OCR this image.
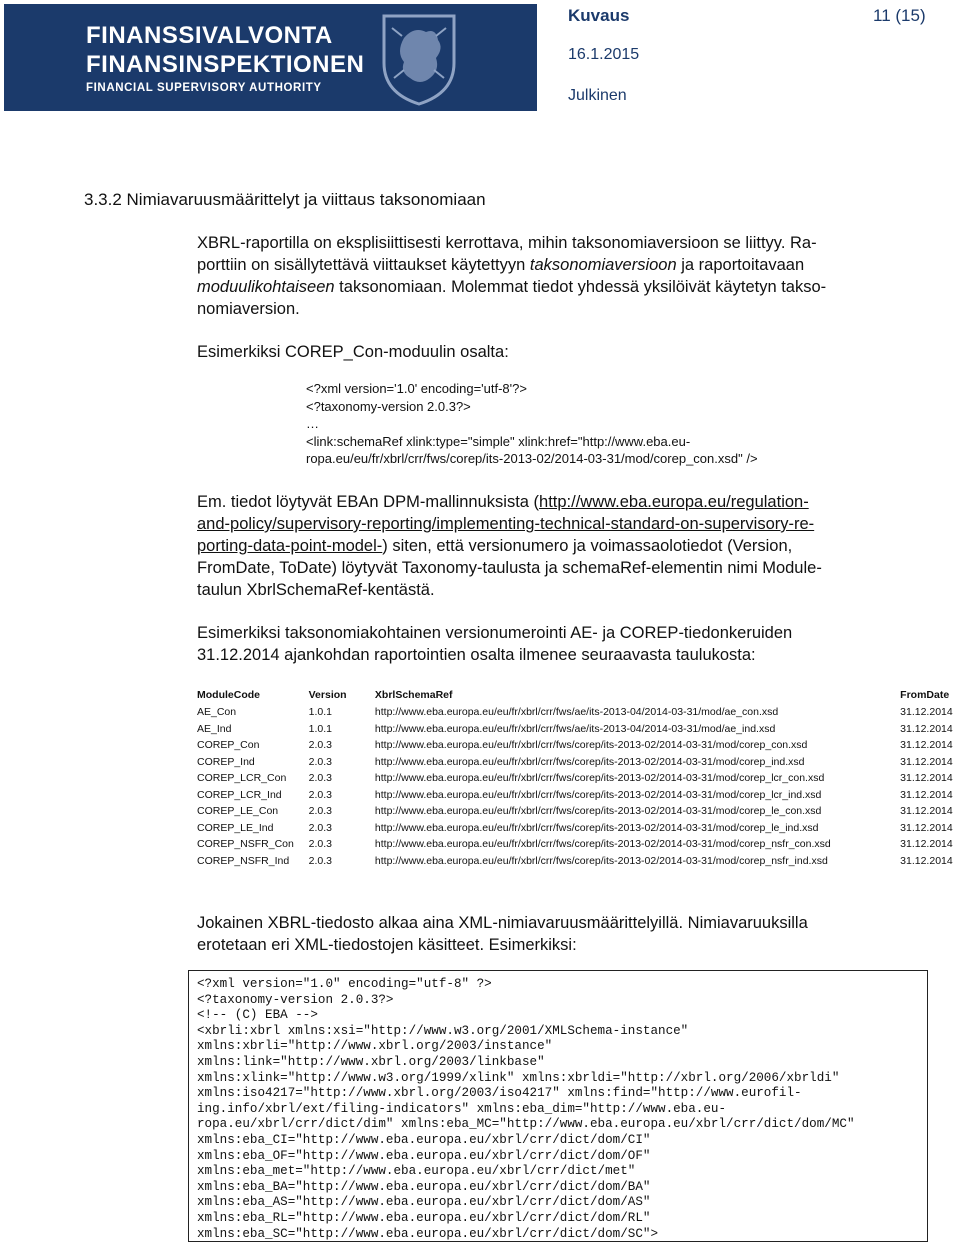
FINANSSIVALVONTA
FINANSINSPEKTIONEN
FINANCIAL SUPERVISORY AUTHORITY
Kuvaus	11 (15)
16.1.2015
Julkinen
3.3.2 Nimiavaruusmäärittelyt ja viittaus taksonomiaan
XBRL-raportilla on eksplisiittisesti kerrottava, mihin taksonomiaversioon se liittyy. Ra-
porttiin on sisällytettävä viittaukset käytettyyn taksonomiaversioon ja raportoitavaan
moduulikohtaiseen taksonomiaan. Molemmat tiedot yhdessä yksilöivät käytetyn takso-
nomiaversion.
Esimerkiksi COREP_Con-moduulin osalta:
<?xml version='1.0' encoding='utf-8'?>
<?taxonomy-version 2.0.3?>
…
<link:schemaRef xlink:type="simple" xlink:href="http://www.eba.eu-
ropa.eu/eu/fr/xbrl/crr/fws/corep/its-2013-02/2014-03-31/mod/corep_con.xsd" />
Em. tiedot löytyvät EBAn DPM-mallinnuksista (http://www.eba.europa.eu/regulation-
and-policy/supervisory-reporting/implementing-technical-standard-on-supervisory-re-
porting-data-point-model-) siten, että versionumero ja voimassaolotiedot (Version,
FromDate, ToDate) löytyvät Taxonomy-taulusta ja schemaRef-elementin nimi Module-
taulun XbrlSchemaRef-kentästä.
Esimerkiksi taksonomiakohtainen versionumerointi AE- ja COREP-tiedonkeruiden
31.12.2014 ajankohdan raportointien osalta ilmenee seuraavasta taulukosta:
ModuleCode	Version	XbrlSchemaRef	FromDate
AE_Con	1.0.1	http://www.eba.europa.eu/eu/fr/xbrl/crr/fws/ae/its-2013-04/2014-03-31/mod/ae_con.xsd	31.12.2014
AE_Ind	1.0.1	http://www.eba.europa.eu/eu/fr/xbrl/crr/fws/ae/its-2013-04/2014-03-31/mod/ae_ind.xsd	31.12.2014
COREP_Con	2.0.3	http://www.eba.europa.eu/eu/fr/xbrl/crr/fws/corep/its-2013-02/2014-03-31/mod/corep_con.xsd	31.12.2014
COREP_Ind	2.0.3	http://www.eba.europa.eu/eu/fr/xbrl/crr/fws/corep/its-2013-02/2014-03-31/mod/corep_ind.xsd	31.12.2014
COREP_LCR_Con	2.0.3	http://www.eba.europa.eu/eu/fr/xbrl/crr/fws/corep/its-2013-02/2014-03-31/mod/corep_lcr_con.xsd	31.12.2014
COREP_LCR_Ind	2.0.3	http://www.eba.europa.eu/eu/fr/xbrl/crr/fws/corep/its-2013-02/2014-03-31/mod/corep_lcr_ind.xsd	31.12.2014
COREP_LE_Con	2.0.3	http://www.eba.europa.eu/eu/fr/xbrl/crr/fws/corep/its-2013-02/2014-03-31/mod/corep_le_con.xsd	31.12.2014
COREP_LE_Ind	2.0.3	http://www.eba.europa.eu/eu/fr/xbrl/crr/fws/corep/its-2013-02/2014-03-31/mod/corep_le_ind.xsd	31.12.2014
COREP_NSFR_Con	2.0.3	http://www.eba.europa.eu/eu/fr/xbrl/crr/fws/corep/its-2013-02/2014-03-31/mod/corep_nsfr_con.xsd	31.12.2014
COREP_NSFR_Ind	2.0.3	http://www.eba.europa.eu/eu/fr/xbrl/crr/fws/corep/its-2013-02/2014-03-31/mod/corep_nsfr_ind.xsd	31.12.2014
Jokainen XBRL-tiedosto alkaa aina XML-nimiavaruusmäärittelyillä. Nimiavaruuksilla
erotetaan eri XML-tiedostojen käsitteet. Esimerkiksi:
<?xml version="1.0" encoding="utf-8" ?>
<?taxonomy-version 2.0.3?>
<!-- (C) EBA -->
<xbrli:xbrl xmlns:xsi="http://www.w3.org/2001/XMLSchema-instance"
xmlns:xbrli="http://www.xbrl.org/2003/instance"
xmlns:link="http://www.xbrl.org/2003/linkbase"
xmlns:xlink="http://www.w3.org/1999/xlink" xmlns:xbrldi="http://xbrl.org/2006/xbrldi"
xmlns:iso4217="http://www.xbrl.org/2003/iso4217" xmlns:find="http://www.eurofil-
ing.info/xbrl/ext/filing-indicators" xmlns:eba_dim="http://www.eba.eu-
ropa.eu/xbrl/crr/dict/dim" xmlns:eba_MC="http://www.eba.europa.eu/xbrl/crr/dict/dom/MC"
xmlns:eba_CI="http://www.eba.europa.eu/xbrl/crr/dict/dom/CI"
xmlns:eba_OF="http://www.eba.europa.eu/xbrl/crr/dict/dom/OF"
xmlns:eba_met="http://www.eba.europa.eu/xbrl/crr/dict/met"
xmlns:eba_BA="http://www.eba.europa.eu/xbrl/crr/dict/dom/BA"
xmlns:eba_AS="http://www.eba.europa.eu/xbrl/crr/dict/dom/AS"
xmlns:eba_RL="http://www.eba.europa.eu/xbrl/crr/dict/dom/RL"
xmlns:eba_SC="http://www.eba.europa.eu/xbrl/crr/dict/dom/SC">
